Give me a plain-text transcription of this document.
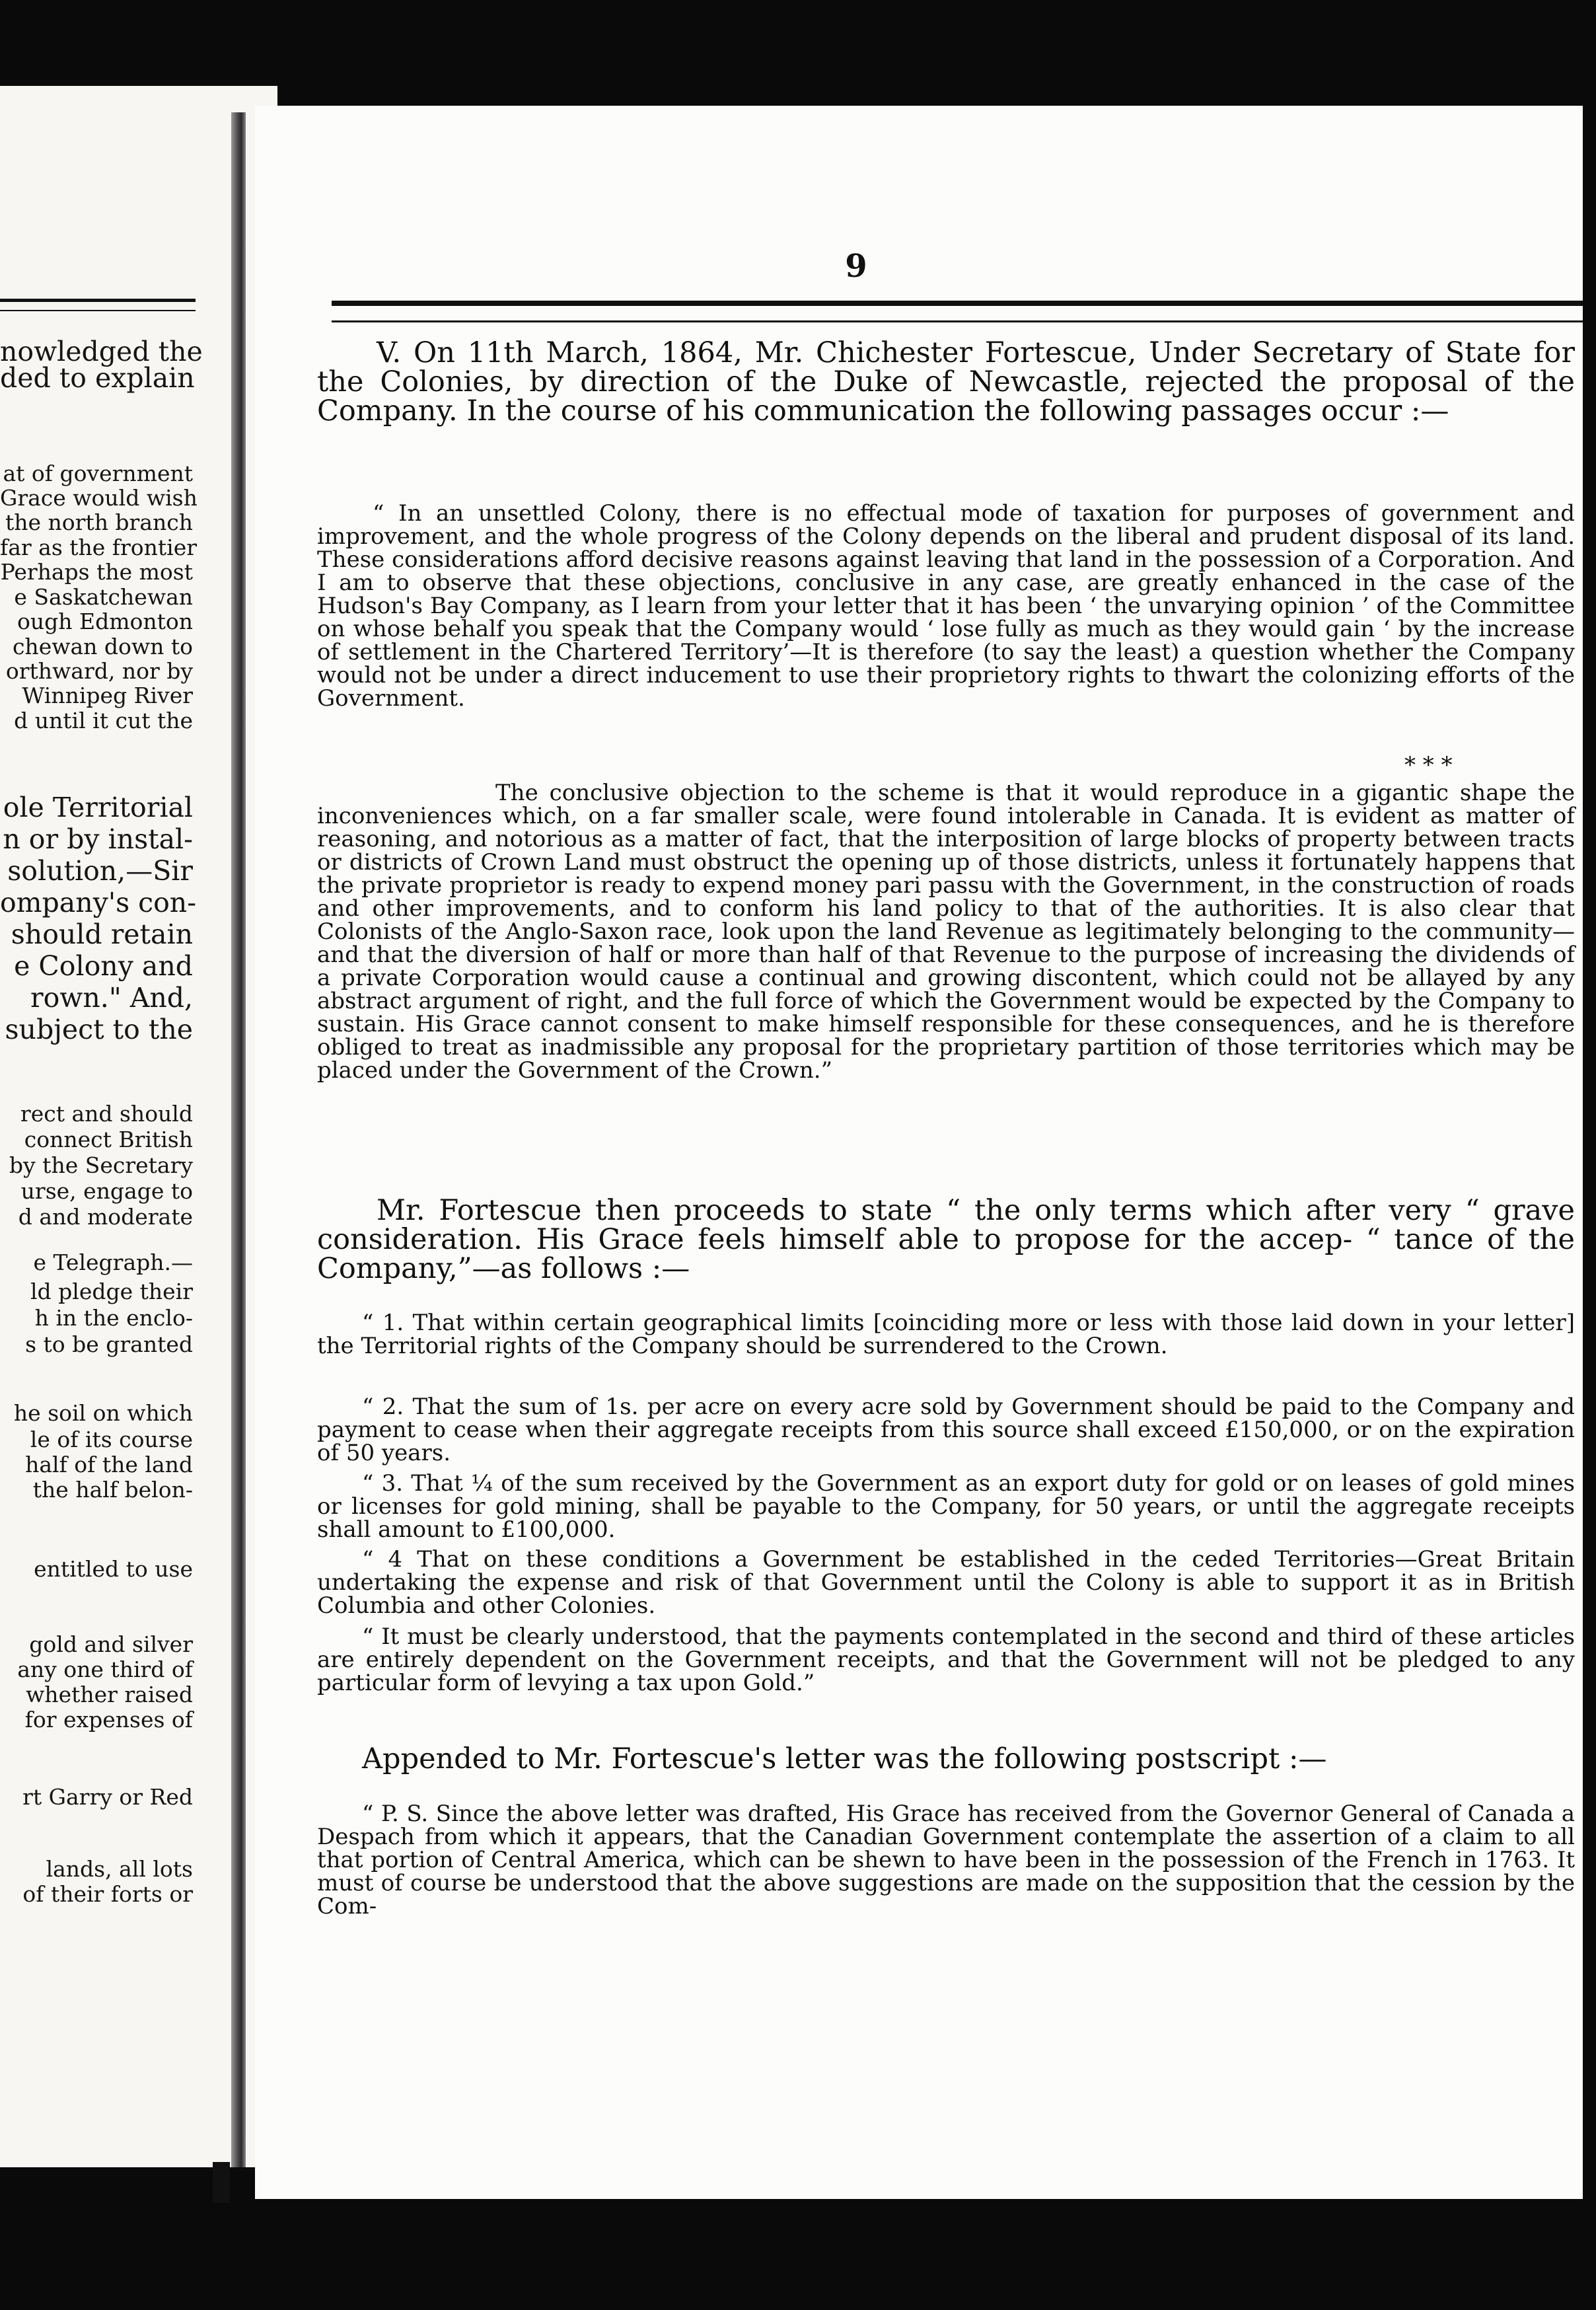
nowledged the
ded to explain
at of government
Grace would wish
the north branch
far as the frontier
Perhaps the most
e Saskatchewan
ough Edmonton
chewan down to
orthward, nor by
Winnipeg River
d until it cut the
ole Territorial
n or by instal-
solution,—Sir
ompany's con-
should retain
e Colony and
rown." And,
subject to the
rect and should
connect British
by the Secretary
urse, engage to
d and moderate
e Telegraph.—
ld pledge their
h in the enclo-
s to be granted
he soil on which
le of its course
half of the land
the half belon-
entitled to use
gold and silver
any one third of
whether raised
for expenses of
rt Garry or Red
lands, all lots
of their forts or
9
V. On 11th March, 1864, Mr. Chichester Fortescue, Under Secretary of State for the Colonies, by direction of the Duke of Newcastle, rejected the proposal of the Company. In the course of his communication the following passages occur :—
“ In an unsettled Colony, there is no effectual mode of taxation for purposes of government and improvement, and the whole progress of the Colony depends on the liberal and prudent disposal of its land. These considerations afford decisive reasons against leaving that land in the possession of a Corporation. And I am to observe that these objections, conclusive in any case, are greatly enhanced in the case of the Hudson's Bay Company, as I learn from your letter that it has been ‘ the unvarying opinion ’ of the Committee on whose behalf you speak that the Company would ‘ lose fully as much as they would gain ‘ by the increase of settlement in the Chartered Territory’—It is therefore (to say the least) a question whether the Company would not be under a direct inducement to use their proprietory rights to thwart the colonizing efforts of the Government.
* * *
The conclusive objection to the scheme is that it would reproduce in a gigantic shape the inconveniences which, on a far smaller scale, were found intolerable in Canada. It is evident as matter of reasoning, and notorious as a matter of fact, that the interposition of large blocks of property between tracts or districts of Crown Land must obstruct the opening up of those districts, unless it fortunately happens that the private proprietor is ready to expend money pari passu with the Government, in the construction of roads and other improvements, and to conform his land policy to that of the authorities. It is also clear that Colonists of the Anglo-Saxon race, look upon the land Revenue as legitimately belonging to the community—and that the diversion of half or more than half of that Revenue to the purpose of increasing the dividends of a private Corporation would cause a continual and growing discontent, which could not be allayed by any abstract argument of right, and the full force of which the Government would be expected by the Company to sustain. His Grace cannot consent to make himself responsible for these consequences, and he is therefore obliged to treat as inadmissible any proposal for the proprietary partition of those territories which may be placed under the Government of the Crown.”
Mr. Fortescue then proceeds to state “ the only terms which after very “ grave consideration. His Grace feels himself able to propose for the accep- “ tance of the Company,”—as follows :—
“ 1. That within certain geographical limits [coinciding more or less with those laid down in your letter] the Territorial rights of the Company should be surrendered to the Crown.
“ 2. That the sum of 1s. per acre on every acre sold by Government should be paid to the Company and payment to cease when their aggregate receipts from this source shall exceed £150,000, or on the expiration of 50 years.
“ 3. That ¼ of the sum received by the Government as an export duty for gold or on leases of gold mines or licenses for gold mining, shall be payable to the Company, for 50 years, or until the aggregate receipts shall amount to £100,000.
“ 4 That on these conditions a Government be established in the ceded Territories—Great Britain undertaking the expense and risk of that Government until the Colony is able to support it as in British Columbia and other Colonies.
“ It must be clearly understood, that the payments contemplated in the second and third of these articles are entirely dependent on the Government receipts, and that the Government will not be pledged to any particular form of levying a tax upon Gold.”
Appended to Mr. Fortescue's letter was the following postscript :—
“ P. S. Since the above letter was drafted, His Grace has received from the Governor General of Canada a Despach from which it appears, that the Canadian Government contemplate the assertion of a claim to all that portion of Central America, which can be shewn to have been in the possession of the French in 1763. It must of course be understood that the above suggestions are made on the supposition that the cession by the Com-
